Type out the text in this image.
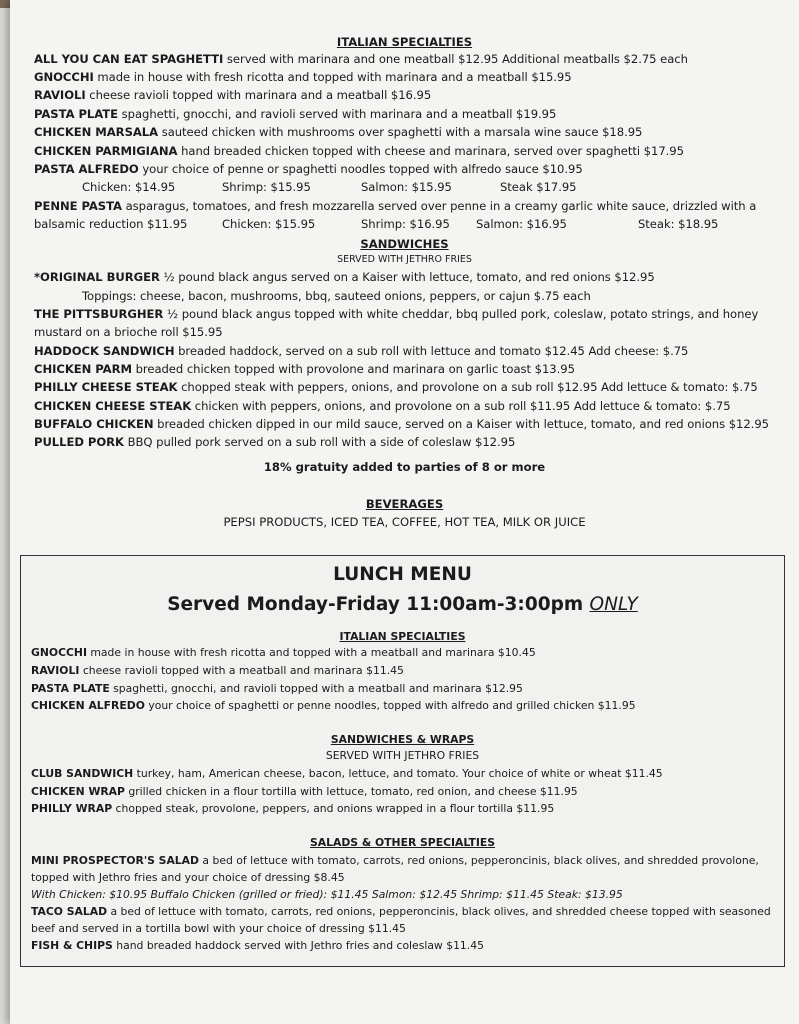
ITALIAN SPECIALTIES
ALL YOU CAN EAT SPAGHETTI served with marinara and one meatball $12.95 Additional meatballs $2.75 each
GNOCCHI made in house with fresh ricotta and topped with marinara and a meatball $15.95
RAVIOLI cheese ravioli topped with marinara and a meatball $16.95
PASTA PLATE spaghetti, gnocchi, and ravioli served with marinara and a meatball $19.95
CHICKEN MARSALA sauteed chicken with mushrooms over spaghetti with a marsala wine sauce $18.95
CHICKEN PARMIGIANA hand breaded chicken topped with cheese and marinara, served over spaghetti $17.95
PASTA ALFREDO your choice of penne or spaghetti noodles topped with alfredo sauce $10.95
Chicken: $14.95	Shrimp: $15.95	Salmon: $15.95	Steak $17.95
PENNE PASTA asparagus, tomatoes, and fresh mozzarella served over penne in a creamy garlic white sauce, drizzled with a
balsamic reduction $11.95	Chicken: $15.95	Shrimp: $16.95 Salmon: $16.95	Steak: $18.95
SANDWICHES
SERVED WITH JETHRO FRIES
*ORIGINAL BURGER ½ pound black angus served on a Kaiser with lettuce, tomato, and red onions $12.95
Toppings: cheese, bacon, mushrooms, bbq, sauteed onions, peppers, or cajun $.75 each
THE PITTSBURGHER ½ pound black angus topped with white cheddar, bbq pulled pork, coleslaw, potato strings, and honey
mustard on a brioche roll $15.95
HADDOCK SANDWICH breaded haddock, served on a sub roll with lettuce and tomato $12.45 Add cheese: $.75
CHICKEN PARM breaded chicken topped with provolone and marinara on garlic toast $13.95
PHILLY CHEESE STEAK chopped steak with peppers, onions, and provolone on a sub roll $12.95 Add lettuce & tomato: $.75
CHICKEN CHEESE STEAK chicken with peppers, onions, and provolone on a sub roll $11.95 Add lettuce & tomato: $.75
BUFFALO CHICKEN breaded chicken dipped in our mild sauce, served on a Kaiser with lettuce, tomato, and red onions $12.95
PULLED PORK BBQ pulled pork served on a sub roll with a side of coleslaw $12.95
18% gratuity added to parties of 8 or more
BEVERAGES
PEPSI PRODUCTS, ICED TEA, COFFEE, HOT TEA, MILK OR JUICE
LUNCH MENU
Served Monday-Friday 11:00am-3:00pm ONLY
ITALIAN SPECIALTIES
GNOCCHI made in house with fresh ricotta and topped with a meatball and marinara $10.45
RAVIOLI cheese ravioli topped with a meatball and marinara $11.45
PASTA PLATE spaghetti, gnocchi, and ravioli topped with a meatball and marinara $12.95
CHICKEN ALFREDO your choice of spaghetti or penne noodles, topped with alfredo and grilled chicken $11.95
SANDWICHES & WRAPS
SERVED WITH JETHRO FRIES
CLUB SANDWICH turkey, ham, American cheese, bacon, lettuce, and tomato. Your choice of white or wheat $11.45
CHICKEN WRAP grilled chicken in a flour tortilla with lettuce, tomato, red onion, and cheese $11.95
PHILLY WRAP chopped steak, provolone, peppers, and onions wrapped in a flour tortilla $11.95
SALADS & OTHER SPECIALTIES
MINI PROSPECTOR'S SALAD a bed of lettuce with tomato, carrots, red onions, pepperoncinis, black olives, and shredded provolone,
topped with Jethro fries and your choice of dressing $8.45
With Chicken: $10.95 Buffalo Chicken (grilled or fried): $11.45 Salmon: $12.45 Shrimp: $11.45 Steak: $13.95
TACO SALAD a bed of lettuce with tomato, carrots, red onions, pepperoncinis, black olives, and shredded cheese topped with seasoned
beef and served in a tortilla bowl with your choice of dressing $11.45
FISH & CHIPS hand breaded haddock served with Jethro fries and coleslaw $11.45
